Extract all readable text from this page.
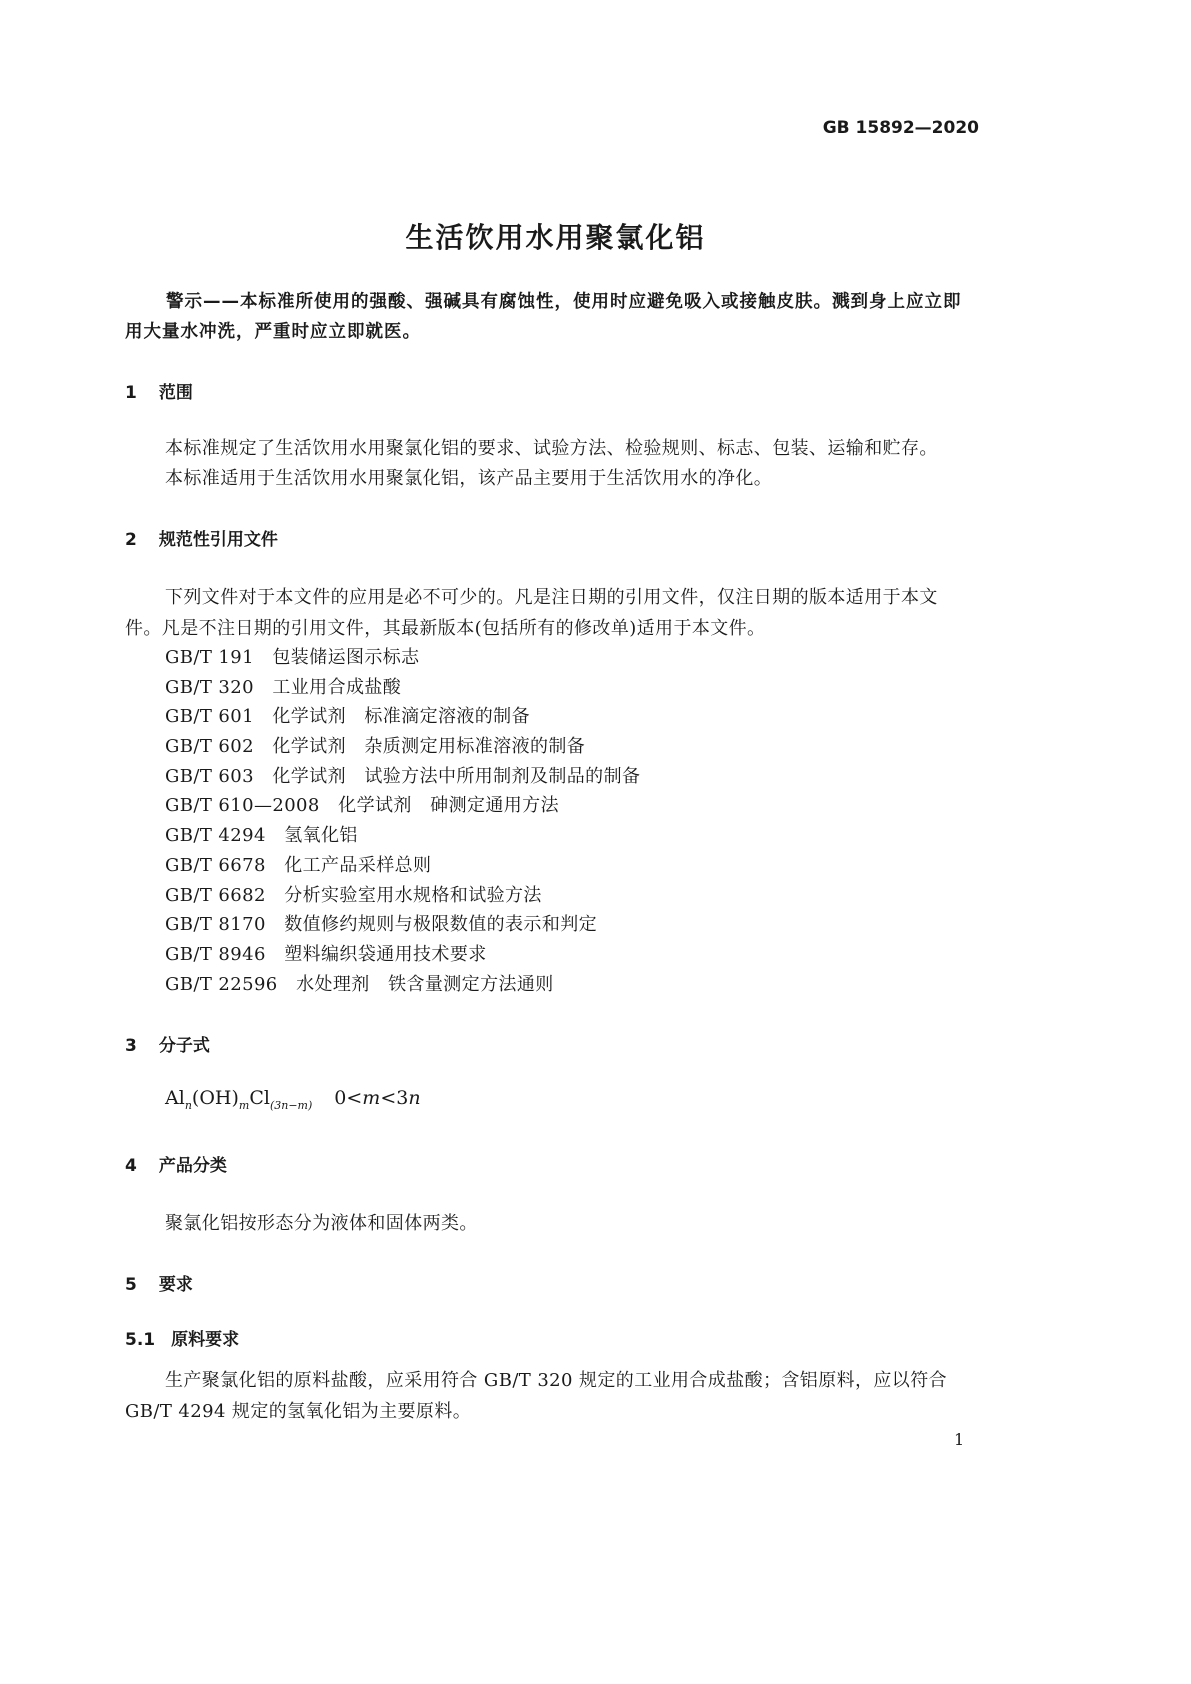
GB 15892—2020
生活饮用水用聚氯化铝
警示——本标准所使用的强酸、强碱具有腐蚀性，使用时应避免吸入或接触皮肤。溅到身上应立即
用大量水冲洗，严重时应立即就医。
1 范围
本标准规定了生活饮用水用聚氯化铝的要求、试验方法、检验规则、标志、包装、运输和贮存。
本标准适用于生活饮用水用聚氯化铝，该产品主要用于生活饮用水的净化。
2 规范性引用文件
下列文件对于本文件的应用是必不可少的。凡是注日期的引用文件，仅注日期的版本适用于本文
件。凡是不注日期的引用文件，其最新版本(包括所有的修改单)适用于本文件。
GB/T 191　 包装储运图示标志
GB/T 320　 工业用合成盐酸
GB/T 601　 化学试剂　标准滴定溶液的制备
GB/T 602　 化学试剂　杂质测定用标准溶液的制备
GB/T 603　 化学试剂　试验方法中所用制剂及制品的制备
GB/T 610—2008　 化学试剂　砷测定通用方法
GB/T 4294　 氢氧化铝
GB/T 6678　 化工产品采样总则
GB/T 6682　 分析实验室用水规格和试验方法
GB/T 8170　 数值修约规则与极限数值的表示和判定
GB/T 8946　 塑料编织袋通用技术要求
GB/T 22596　 水处理剂　铁含量测定方法通则
3 分子式
$Al_n(OH)_mCl_{(3n-m)}$ 0<m<3n
4 产品分类
聚氯化铝按形态分为液体和固体两类。
5 要求
5.1 原料要求
生产聚氯化铝的原料盐酸，应采用符合 GB/T 320 规定的工业用合成盐酸；含铝原料，应以符合
GB/T 4294 规定的氢氧化铝为主要原料。
1
